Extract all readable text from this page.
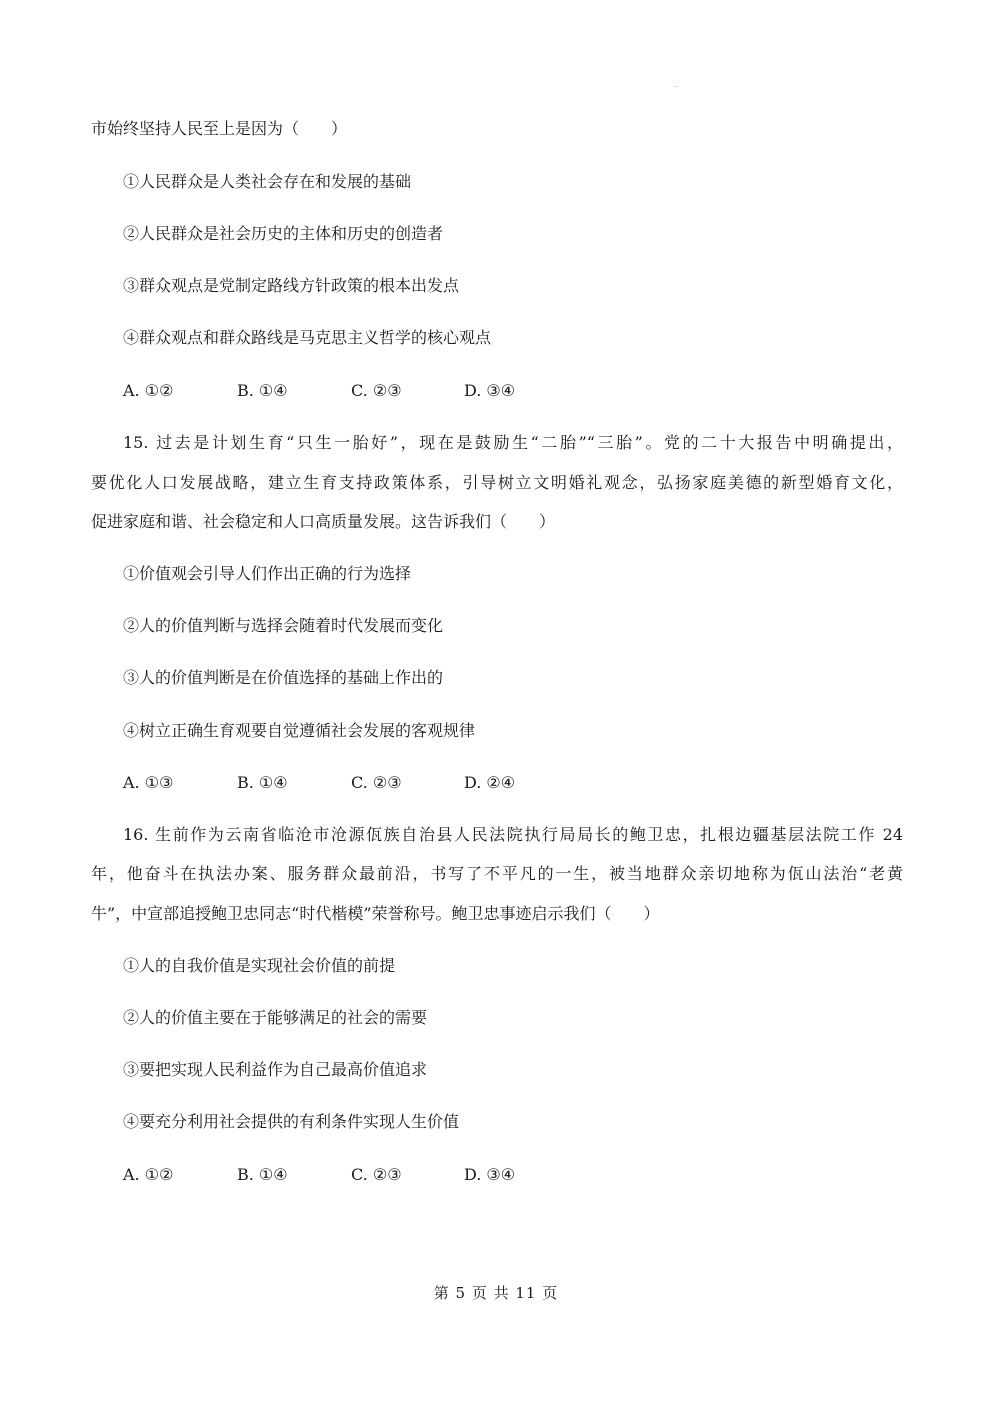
市始终坚持人民至上是因为（　　）
①人民群众是人类社会存在和发展的基础
②人民群众是社会历史的主体和历史的创造者
③群众观点是党制定路线方针政策的根本出发点
④群众观点和群众路线是马克思主义哲学的核心观点
A. ①②	B. ①④	C. ②③	D. ③④
15. 过去是计划生育“只生一胎好”，现在是鼓励生“二胎”“三胎”。党的二十大报告中明确提出，
要优化人口发展战略，建立生育支持政策体系，引导树立文明婚礼观念，弘扬家庭美德的新型婚育文化，
促进家庭和谐、社会稳定和人口高质量发展。这告诉我们（　　）
①价值观会引导人们作出正确的行为选择
②人的价值判断与选择会随着时代发展而变化
③人的价值判断是在价值选择的基础上作出的
④树立正确生育观要自觉遵循社会发展的客观规律
A. ①③	B. ①④	C. ②③	D. ②④
16. 生前作为云南省临沧市沧源佤族自治县人民法院执行局局长的鲍卫忠，扎根边疆基层法院工作 24
年，他奋斗在执法办案、服务群众最前沿，书写了不平凡的一生，被当地群众亲切地称为佤山法治“老黄
牛”，中宣部追授鲍卫忠同志“时代楷模”荣誉称号。鲍卫忠事迹启示我们（　　）
①人的自我价值是实现社会价值的前提
②人的价值主要在于能够满足的社会的需要
③要把实现人民利益作为自己最高价值追求
④要充分利用社会提供的有利条件实现人生价值
A. ①②	B. ①④	C. ②③	D. ③④
第 5 页 共 11 页
